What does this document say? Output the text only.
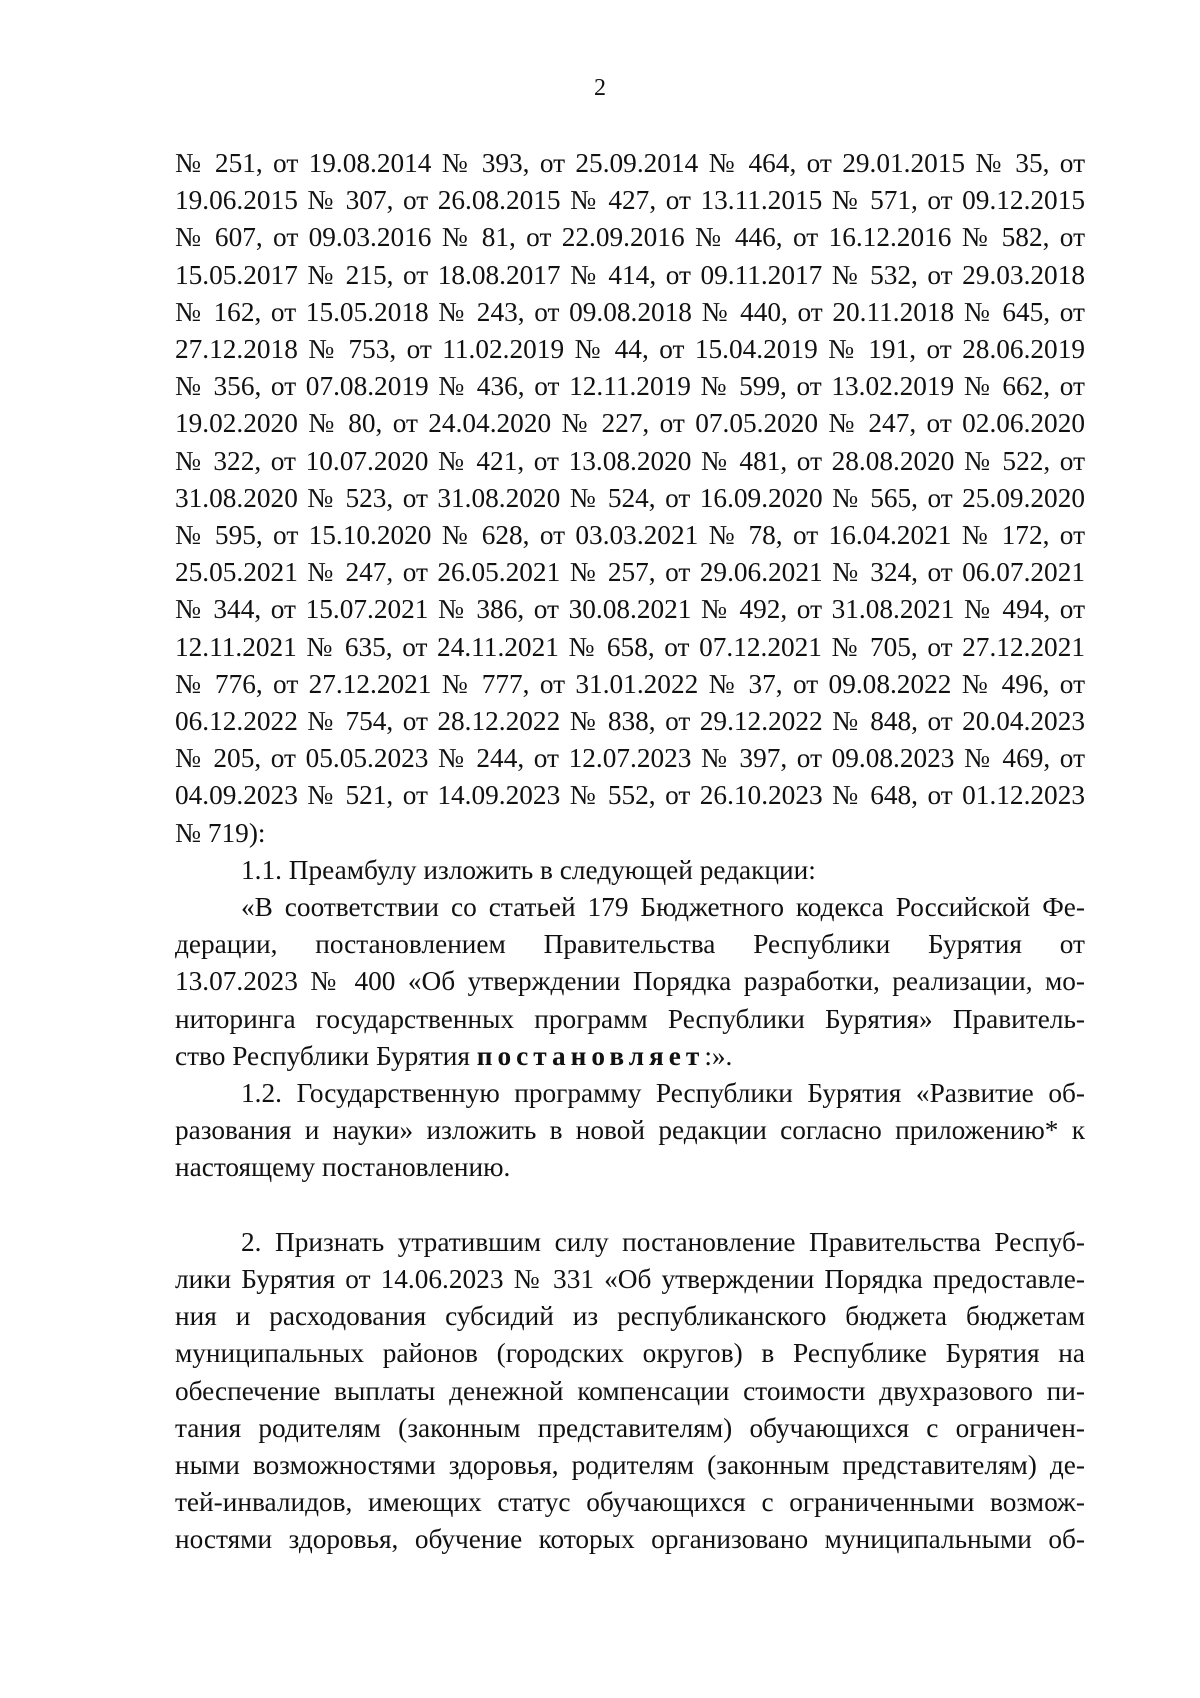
2
№ 251, от 19.08.2014 № 393, от 25.09.2014 № 464, от 29.01.2015 № 35, от
19.06.2015 № 307, от 26.08.2015 № 427, от 13.11.2015 № 571, от 09.12.2015
№ 607, от 09.03.2016 № 81, от 22.09.2016 № 446, от 16.12.2016 № 582, от
15.05.2017 № 215, от 18.08.2017 № 414, от 09.11.2017 № 532, от 29.03.2018
№ 162, от 15.05.2018 № 243, от 09.08.2018 № 440, от 20.11.2018 № 645, от
27.12.2018 № 753, от 11.02.2019 № 44, от 15.04.2019 № 191, от 28.06.2019
№ 356, от 07.08.2019 № 436, от 12.11.2019 № 599, от 13.02.2019 № 662, от
19.02.2020 № 80, от 24.04.2020 № 227, от 07.05.2020 № 247, от 02.06.2020
№ 322, от 10.07.2020 № 421, от 13.08.2020 № 481, от 28.08.2020 № 522, от
31.08.2020 № 523, от 31.08.2020 № 524, от 16.09.2020 № 565, от 25.09.2020
№ 595, от 15.10.2020 № 628, от 03.03.2021 № 78, от 16.04.2021 № 172, от
25.05.2021 № 247, от 26.05.2021 № 257, от 29.06.2021 № 324, от 06.07.2021
№ 344, от 15.07.2021 № 386, от 30.08.2021 № 492, от 31.08.2021 № 494, от
12.11.2021 № 635, от 24.11.2021 № 658, от 07.12.2021 № 705, от 27.12.2021
№ 776, от 27.12.2021 № 777, от 31.01.2022 № 37, от 09.08.2022 № 496, от
06.12.2022 № 754, от 28.12.2022 № 838, от 29.12.2022 № 848, от 20.04.2023
№ 205, от 05.05.2023 № 244, от 12.07.2023 № 397, от 09.08.2023 № 469, от
04.09.2023 № 521, от 14.09.2023 № 552, от 26.10.2023 № 648, от 01.12.2023
№ 719):
1.1. Преамбулу изложить в следующей редакции:
«В соответствии со статьей 179 Бюджетного кодекса Российской Фе-
дерации, постановлением Правительства Республики Бурятия от
13.07.2023 № 400 «Об утверждении Порядка разработки, реализации, мо-
ниторинга государственных программ Республики Бурятия» Правитель-
ство Республики Бурятия постановляет:».
1.2. Государственную программу Республики Бурятия «Развитие об-
разования и науки» изложить в новой редакции согласно приложению* к
настоящему постановлению.
2. Признать утратившим силу постановление Правительства Респуб-
лики Бурятия от 14.06.2023 № 331 «Об утверждении Порядка предоставле-
ния и расходования субсидий из республиканского бюджета бюджетам
муниципальных районов (городских округов) в Республике Бурятия на
обеспечение выплаты денежной компенсации стоимости двухразового пи-
тания родителям (законным представителям) обучающихся с ограничен-
ными возможностями здоровья, родителям (законным представителям) де-
тей-инвалидов, имеющих статус обучающихся с ограниченными возмож-
ностями здоровья, обучение которых организовано муниципальными об-
